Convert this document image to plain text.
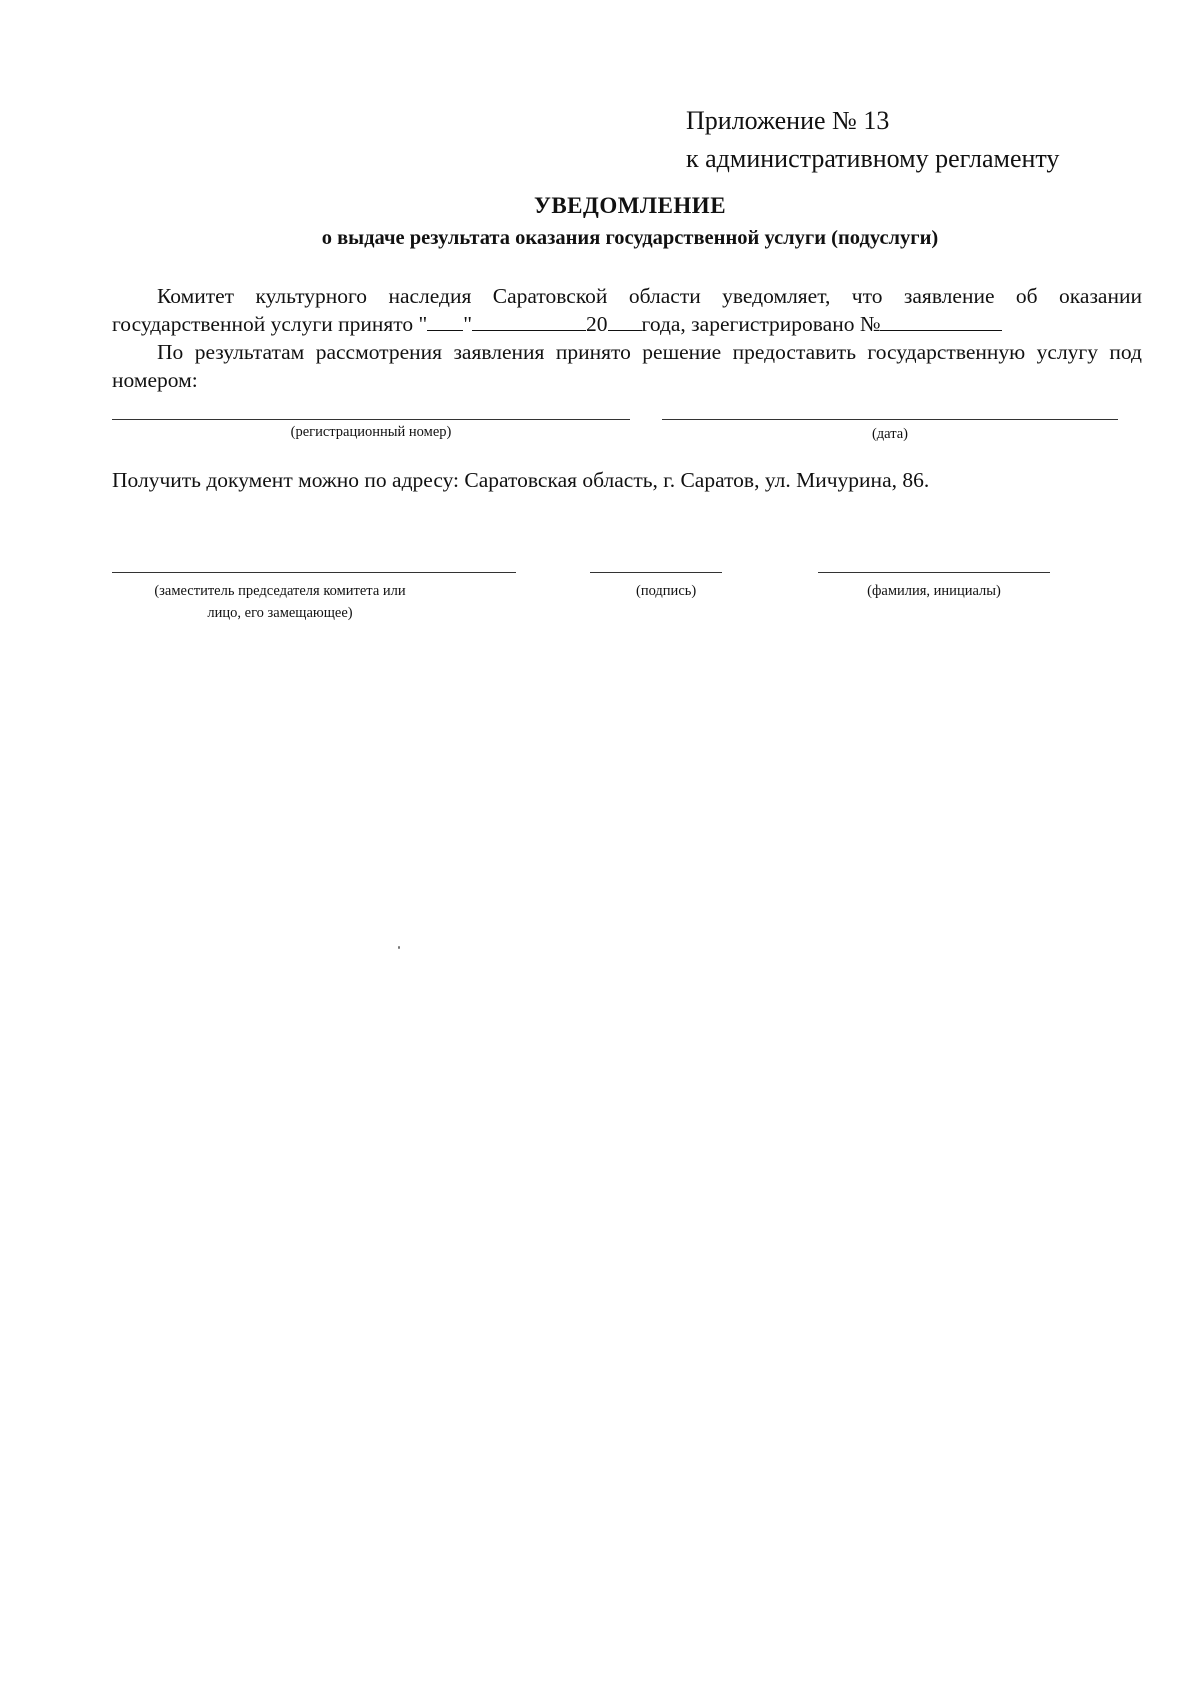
Приложение № 13
к административному регламенту
УВЕДОМЛЕНИЕ
о выдаче результата оказания государственной услуги (подуслуги)
Комитет культурного наследия Саратовской области уведомляет, что заявление об оказании государственной услуги принято " "	20 года, зарегистрировано №
По результатам рассмотрения заявления принято решение предоставить государственную услугу под номером:
(регистрационный номер)	(дата)
Получить документ можно по адресу: Саратовская область, г. Саратов, ул. Мичурина, 86.
(заместитель председателя комитета или
лицо, его замещающее)
(подпись)	(фамилия, инициалы)
